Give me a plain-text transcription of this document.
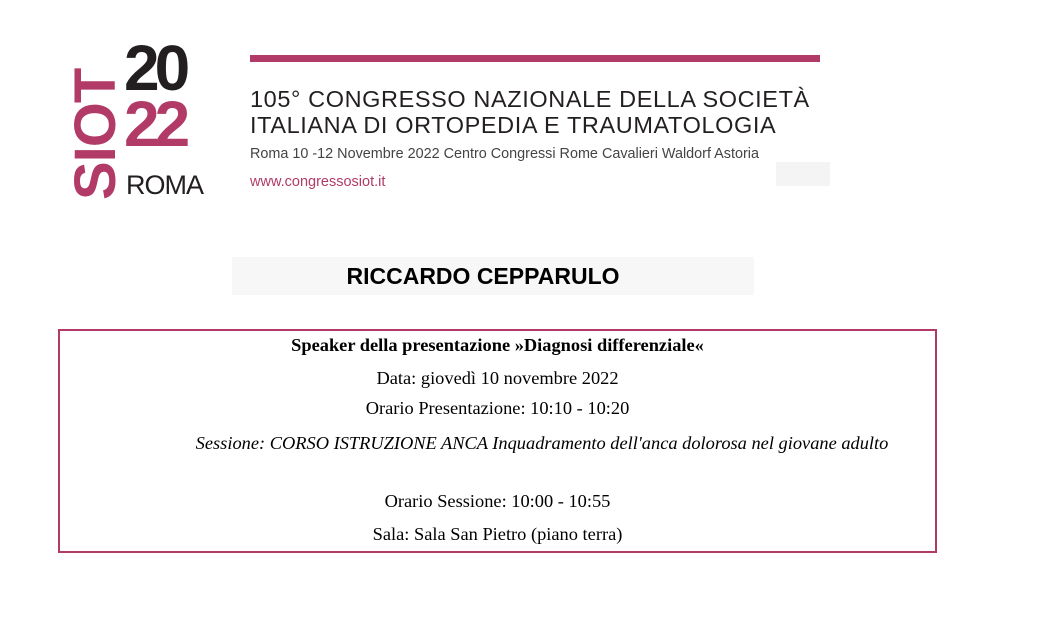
SIOT
20
22
ROMA
105° CONGRESSO NAZIONALE DELLA SOCIETÀ
ITALIANA DI ORTOPEDIA E TRAUMATOLOGIA
Roma 10 -12 Novembre 2022 Centro Congressi Rome Cavalieri Waldorf Astoria
www.congressosiot.it
RICCARDO CEPPARULO
Speaker della presentazione »Diagnosi differenziale«
Data: giovedì 10 novembre 2022
Orario Presentazione: 10:10 - 10:20
Sessione: CORSO ISTRUZIONE ANCA Inquadramento dell'anca dolorosa nel giovane adulto
Orario Sessione: 10:00 - 10:55
Sala: Sala San Pietro (piano terra)
